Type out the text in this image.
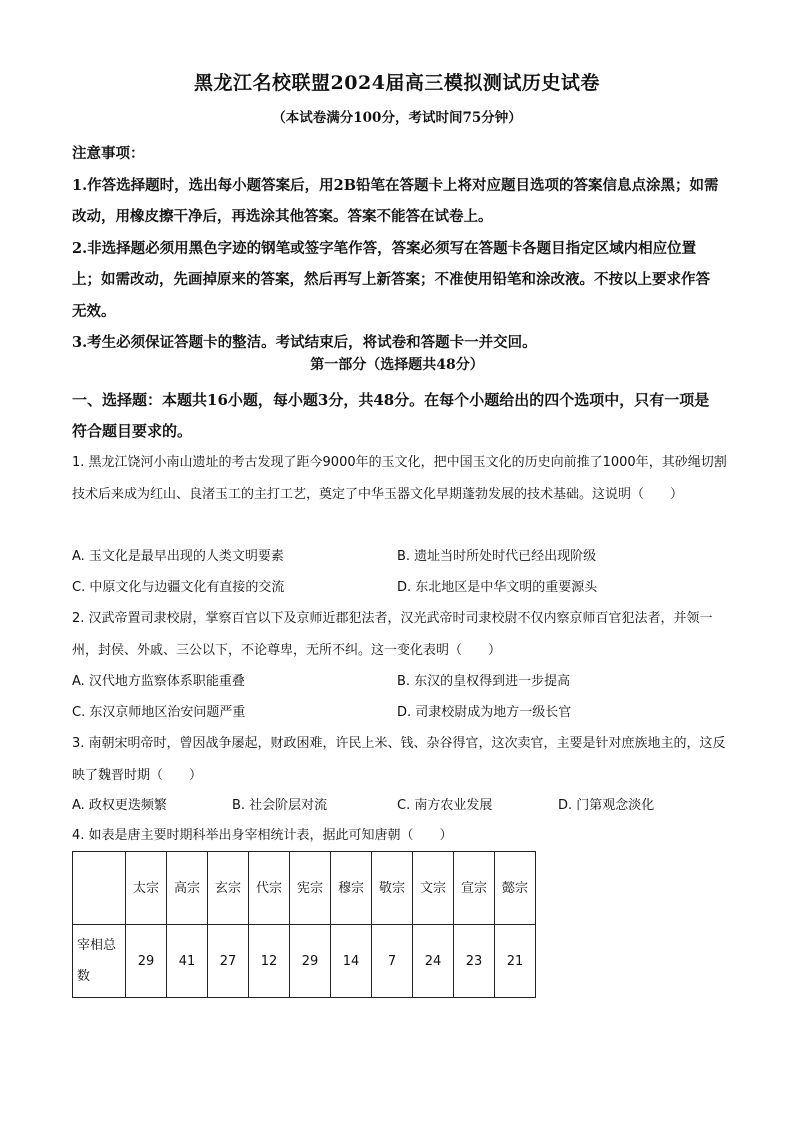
黑龙江名校联盟2024届高三模拟测试历史试卷
（本试卷满分100分，考试时间75分钟）

注意事项：

1.作答选择题时，选出每小题答案后，用2B铅笔在答题卡上将对应题目选项的答案信息点涂黑；如需改动，用橡皮擦干净后，再选涂其他答案。答案不能答在试卷上。

2.非选择题必须用黑色字迹的钢笔或签字笔作答，答案必须写在答题卡各题目指定区域内相应位置上；如需改动，先画掉原来的答案，然后再写上新答案；不准使用铅笔和涂改液。不按以上要求作答无效。

3.考生必须保证答题卡的整洁。考试结束后，将试卷和答题卡一并交回。

第一部分（选择题共48分）
一、选择题：本题共16小题，每小题3分，共48分。在每个小题给出的四个选项中，只有一项是符合题目要求的。
1. 黑龙江饶河小南山遗址的考古发现了距今9000年的玉文化，把中国玉文化的历史向前推了1000年，其砂绳切割技术后来成为红山、良渚玉工的主打工艺，奠定了中华玉器文化早期蓬勃发展的技术基础。这说明（　　）
A. 玉文化是最早出现的人类文明要素	B. 遗址当时所处时代已经出现阶级
C. 中原文化与边疆文化有直接的交流	D. 东北地区是中华文明的重要源头
2. 汉武帝置司隶校尉，掌察百官以下及京师近郡犯法者，汉光武帝时司隶校尉不仅内察京师百官犯法者，并领一州，封侯、外戚、三公以下，不论尊卑，无所不纠。这一变化表明（　　）
A. 汉代地方监察体系职能重叠	B. 东汉的皇权得到进一步提高
C. 东汉京师地区治安问题严重	D. 司隶校尉成为地方一级长官
3. 南朝宋明帝时，曾因战争屡起，财政困难，许民上米、钱、杂谷得官，这次卖官，主要是针对庶族地主的，这反映了魏晋时期（　　）
A. 政权更迭频繁	B. 社会阶层对流	C. 南方农业发展	D. 门第观念淡化
4. 如表是唐主要时期科举出身宰相统计表，据此可知唐朝（　　）
	太宗	高宗	玄宗	代宗	宪宗	穆宗	敬宗	文宗	宣宗	懿宗
宰相总数	29	41	27	12	29	14	7	24	23	21
